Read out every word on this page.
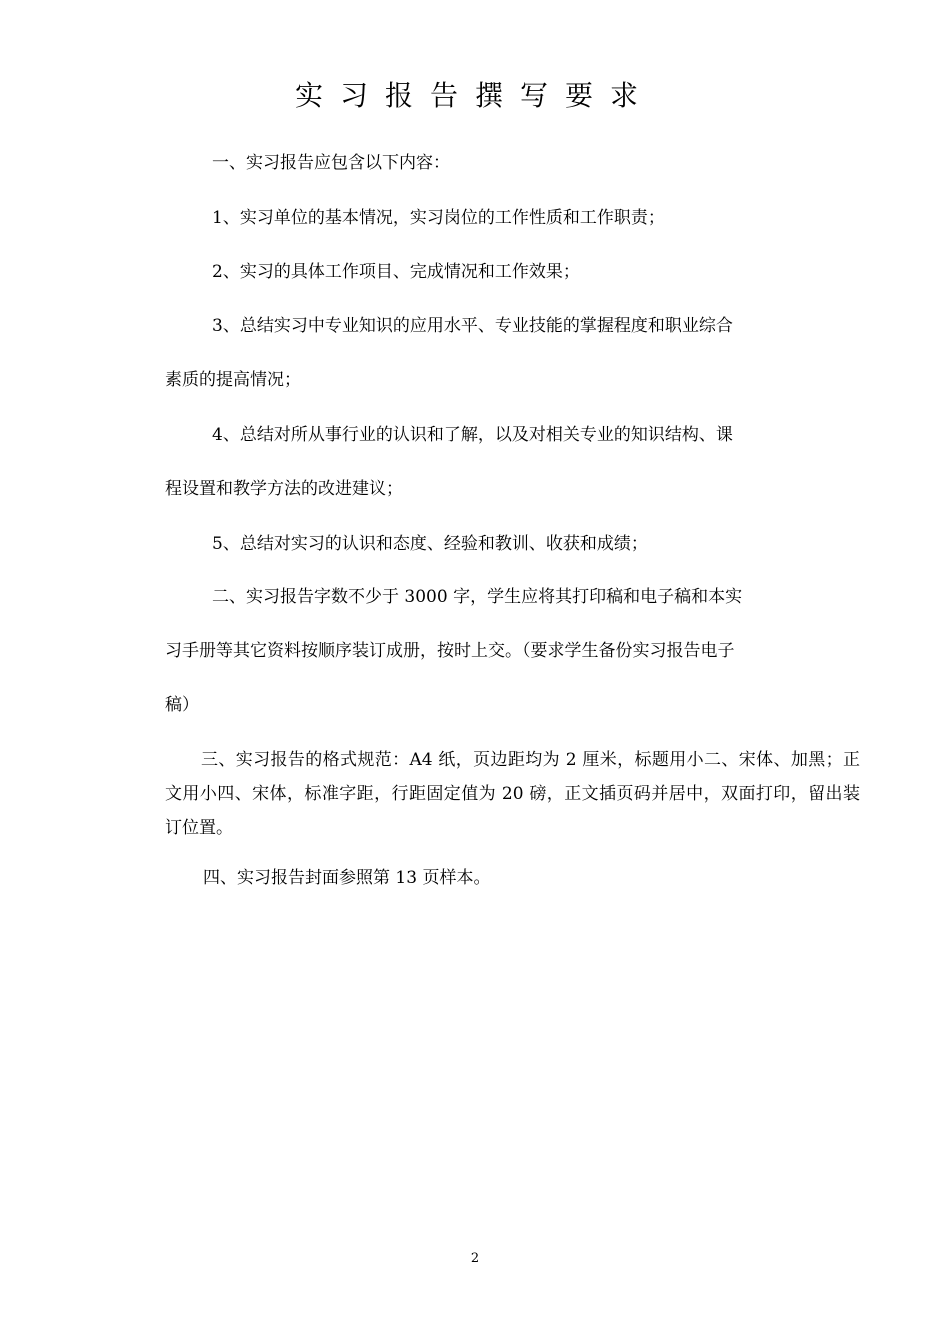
实习报告撰写要求
一、实习报告应包含以下内容：
1、实习单位的基本情况，实习岗位的工作性质和工作职责；
2、实习的具体工作项目、完成情况和工作效果；
3、总结实习中专业知识的应用水平、专业技能的掌握程度和职业综合
素质的提高情况；
4、总结对所从事行业的认识和了解，以及对相关专业的知识结构、课
程设置和教学方法的改进建议；
5、总结对实习的认识和态度、经验和教训、收获和成绩；
二、实习报告字数不少于 3000 字，学生应将其打印稿和电子稿和本实
习手册等其它资料按顺序装订成册，按时上交。（要求学生备份实习报告电子
稿）

三、实习报告的格式规范：A4 纸，页边距均为 2 厘米，标题用小二、宋体、加黑；正文用小四、宋体，标准字距，行距固定值为 20 磅，正文插页码并居中，双面打印，留出装订位置。

四、实习报告封面参照第 13 页样本。
2
